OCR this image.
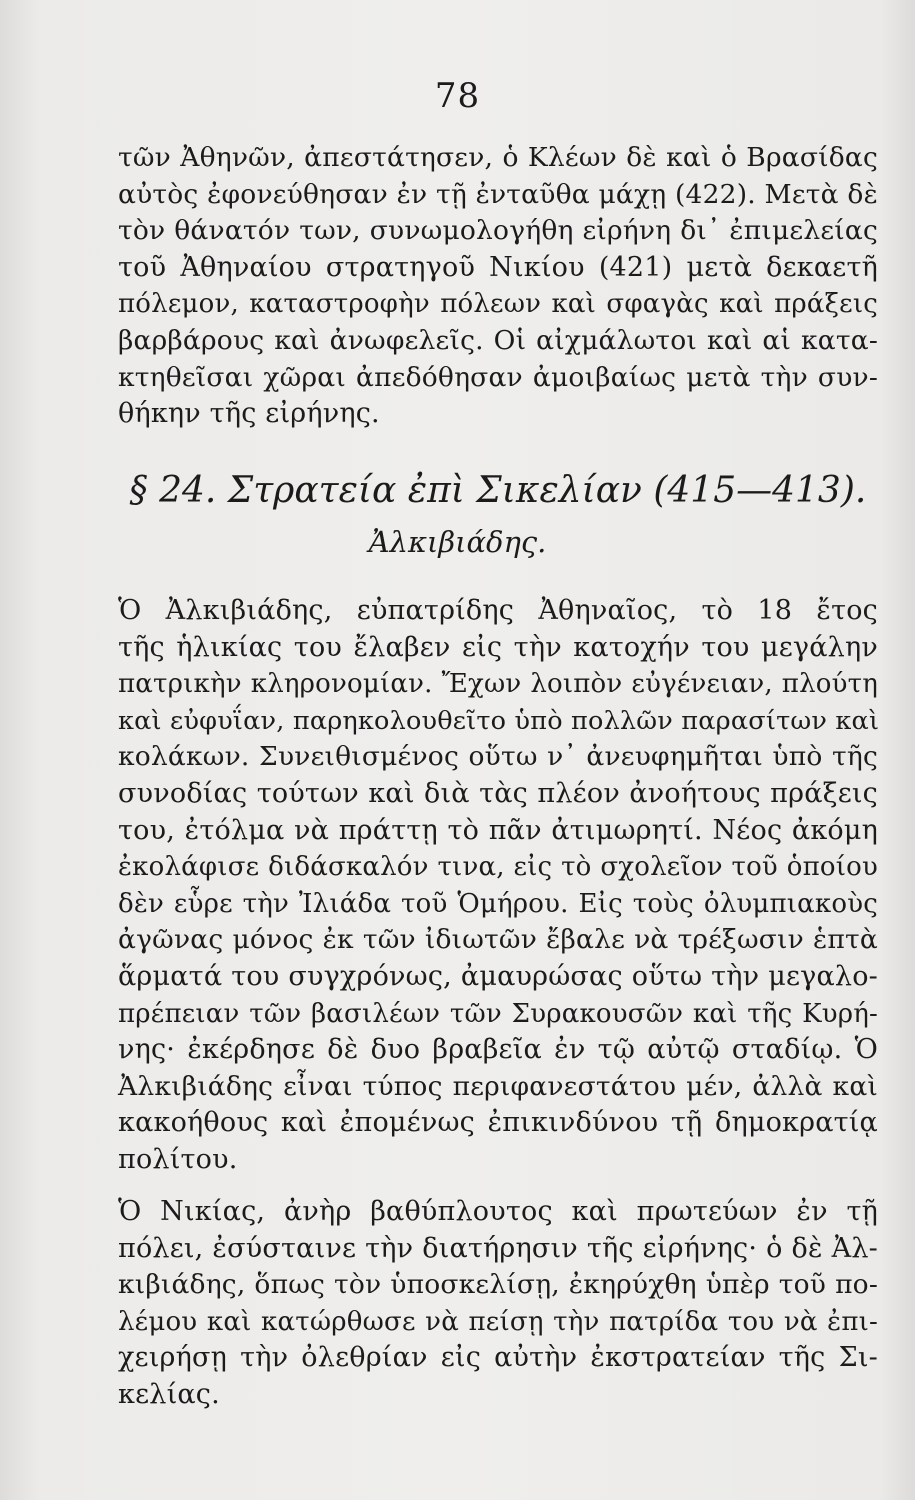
78
τῶν Ἀθηνῶν, ἀπεστάτησεν, ὁ Κλέων δὲ καὶ ὁ Βρασίδας
αὐτὸς ἐφονεύθησαν ἐν τῇ ἐνταῦθα μάχῃ (422). Μετὰ δὲ
τὸν θάνατόν των, συνωμολογήθη εἰρήνη δι᾽ ἐπιμελείας
τοῦ Ἀθηναίου στρατηγοῦ Νικίου (421) μετὰ δεκαετῆ
πόλεμον, καταστροφὴν πόλεων καὶ σφαγὰς καὶ πράξεις
βαρβάρους καὶ ἀνωφελεῖς. Οἱ αἰχμάλωτοι καὶ αἱ κατα-
κτηθεῖσαι χῶραι ἀπεδόθησαν ἀμοιβαίως μετὰ τὴν συν-
θήκην τῆς εἰρήνης.
§ 24. Στρατεία ἐπὶ Σικελίαν (415—413).
Ἀλκιβιάδης.
Ὁ Ἀλκιβιάδης, εὐπατρίδης Ἀθηναῖος, τὸ 18 ἔτος
τῆς ἡλικίας του ἔλαβεν εἰς τὴν κατοχήν του μεγάλην
πατρικὴν κληρονομίαν. Ἔχων λοιπὸν εὐγένειαν, πλούτη
καὶ εὐφυΐαν, παρηκολουθεῖτο ὑπὸ πολλῶν παρασίτων καὶ
κολάκων. Συνειθισμένος οὕτω ν᾽ ἀνευφημῆται ὑπὸ τῆς
συνοδίας τούτων καὶ διὰ τὰς πλέον ἀνοήτους πράξεις
του, ἐτόλμα νὰ πράττῃ τὸ πᾶν ἀτιμωρητί. Νέος ἀκόμη
ἐκολάφισε διδάσκαλόν τινα, εἰς τὸ σχολεῖον τοῦ ὁποίου
δὲν εὗρε τὴν Ἰλιάδα τοῦ Ὁμήρου. Εἰς τοὺς ὀλυμπιακοὺς
ἀγῶνας μόνος ἐκ τῶν ἰδιωτῶν ἔβαλε νὰ τρέξωσιν ἑπτὰ
ἅρματά του συγχρόνως, ἀμαυρώσας οὕτω τὴν μεγαλο-
πρέπειαν τῶν βασιλέων τῶν Συρακουσῶν καὶ τῆς Κυρή-
νης· ἐκέρδησε δὲ δυο βραβεῖα ἐν τῷ αὐτῷ σταδίῳ. Ὁ
Ἀλκιβιάδης εἶναι τύπος περιφανεστάτου μέν, ἀλλὰ καὶ
κακοήθους καὶ ἐπομένως ἐπικινδύνου τῇ δημοκρατίᾳ
πολίτου.
Ὁ Νικίας, ἀνὴρ βαθύπλουτος καὶ πρωτεύων ἐν τῇ
πόλει, ἐσύσταινε τὴν διατήρησιν τῆς εἰρήνης· ὁ δὲ Ἀλ-
κιβιάδης, ὅπως τὸν ὑποσκελίσῃ, ἐκηρύχθη ὑπὲρ τοῦ πο-
λέμου καὶ κατώρθωσε νὰ πείσῃ τὴν πατρίδα του νὰ ἐπι-
χειρήσῃ τὴν ὀλεθρίαν εἰς αὐτὴν ἐκστρατείαν τῆς Σι-
κελίας.
